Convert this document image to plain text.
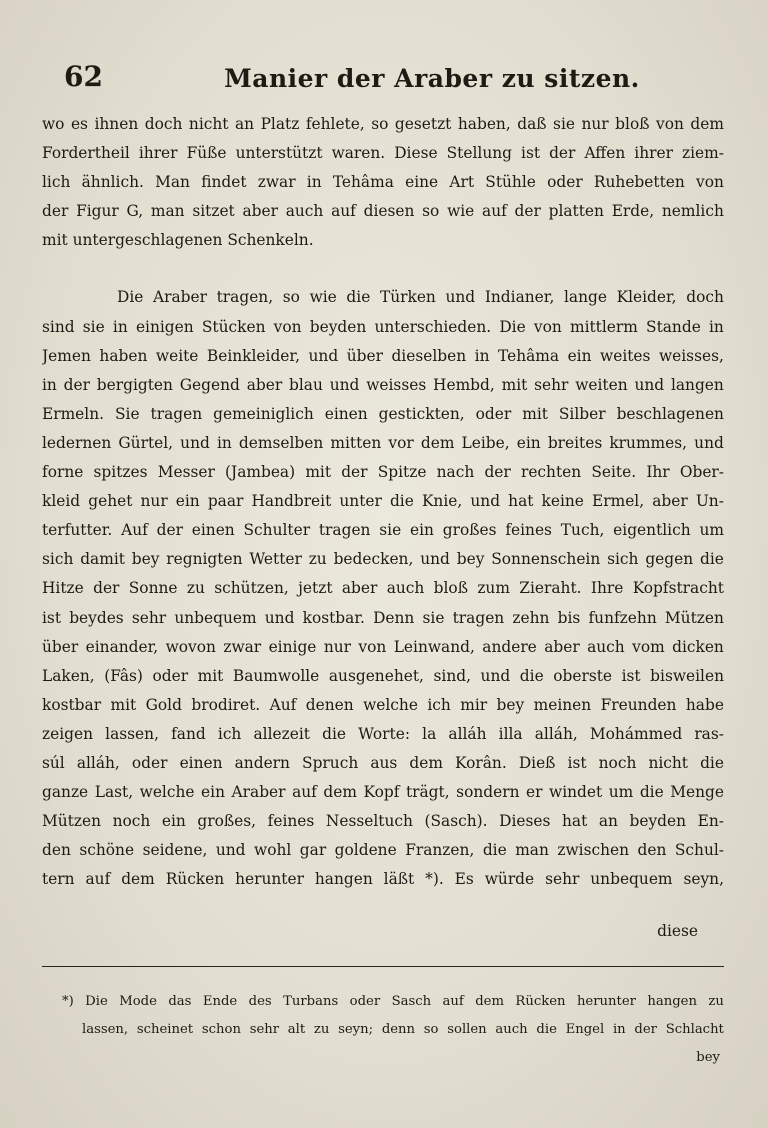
62	Manier der Araber zu sitzen.
wo es ihnen doch nicht an Platz fehlete, so gesetzt haben, daß sie nur bloß von dem
Fordertheil ihrer Füße unterstützt waren. Diese Stellung ist der Affen ihrer ziem-
lich ähnlich. Man findet zwar in Tehâma eine Art Stühle oder Ruhebetten von
der Figur G, man sitzet aber auch auf diesen so wie auf der platten Erde, nemlich
mit untergeschlagenen Schenkeln.
Die Araber tragen, so wie die Türken und Indianer, lange Kleider, doch
sind sie in einigen Stücken von beyden unterschieden. Die von mittlerm Stande in
Jemen haben weite Beinkleider, und über dieselben in Tehâma ein weites weisses,
in der bergigten Gegend aber blau und weisses Hembd, mit sehr weiten und langen
Ermeln. Sie tragen gemeiniglich einen gestickten, oder mit Silber beschlagenen
ledernen Gürtel, und in demselben mitten vor dem Leibe, ein breites krummes, und
forne spitzes Messer (Jambea) mit der Spitze nach der rechten Seite. Ihr Ober-
kleid gehet nur ein paar Handbreit unter die Knie, und hat keine Ermel, aber Un-
terfutter. Auf der einen Schulter tragen sie ein großes feines Tuch, eigentlich um
sich damit bey regnigten Wetter zu bedecken, und bey Sonnenschein sich gegen die
Hitze der Sonne zu schützen, jetzt aber auch bloß zum Zieraht. Ihre Kopfstracht
ist beydes sehr unbequem und kostbar. Denn sie tragen zehn bis funfzehn Mützen
über einander, wovon zwar einige nur von Leinwand, andere aber auch vom dicken
Laken, (Fâs) oder mit Baumwolle ausgenehet, sind, und die oberste ist bisweilen
kostbar mit Gold brodiret. Auf denen welche ich mir bey meinen Freunden habe
zeigen lassen, fand ich allezeit die Worte: la alláh illa alláh, Mohámmed ras-
súl alláh, oder einen andern Spruch aus dem Korân. Dieß ist noch nicht die
ganze Last, welche ein Araber auf dem Kopf trägt, sondern er windet um die Menge
Mützen noch ein großes, feines Nesseltuch (Sasch). Dieses hat an beyden En-
den schöne seidene, und wohl gar goldene Franzen, die man zwischen den Schul-
tern auf dem Rücken herunter hangen läßt *). Es würde sehr unbequem seyn,
diese
bey
*) Die Mode das Ende des Turbans oder Sasch auf dem Rücken herunter hangen zu
lassen, scheinet schon sehr alt zu seyn; denn so sollen auch die Engel in der Schlacht
